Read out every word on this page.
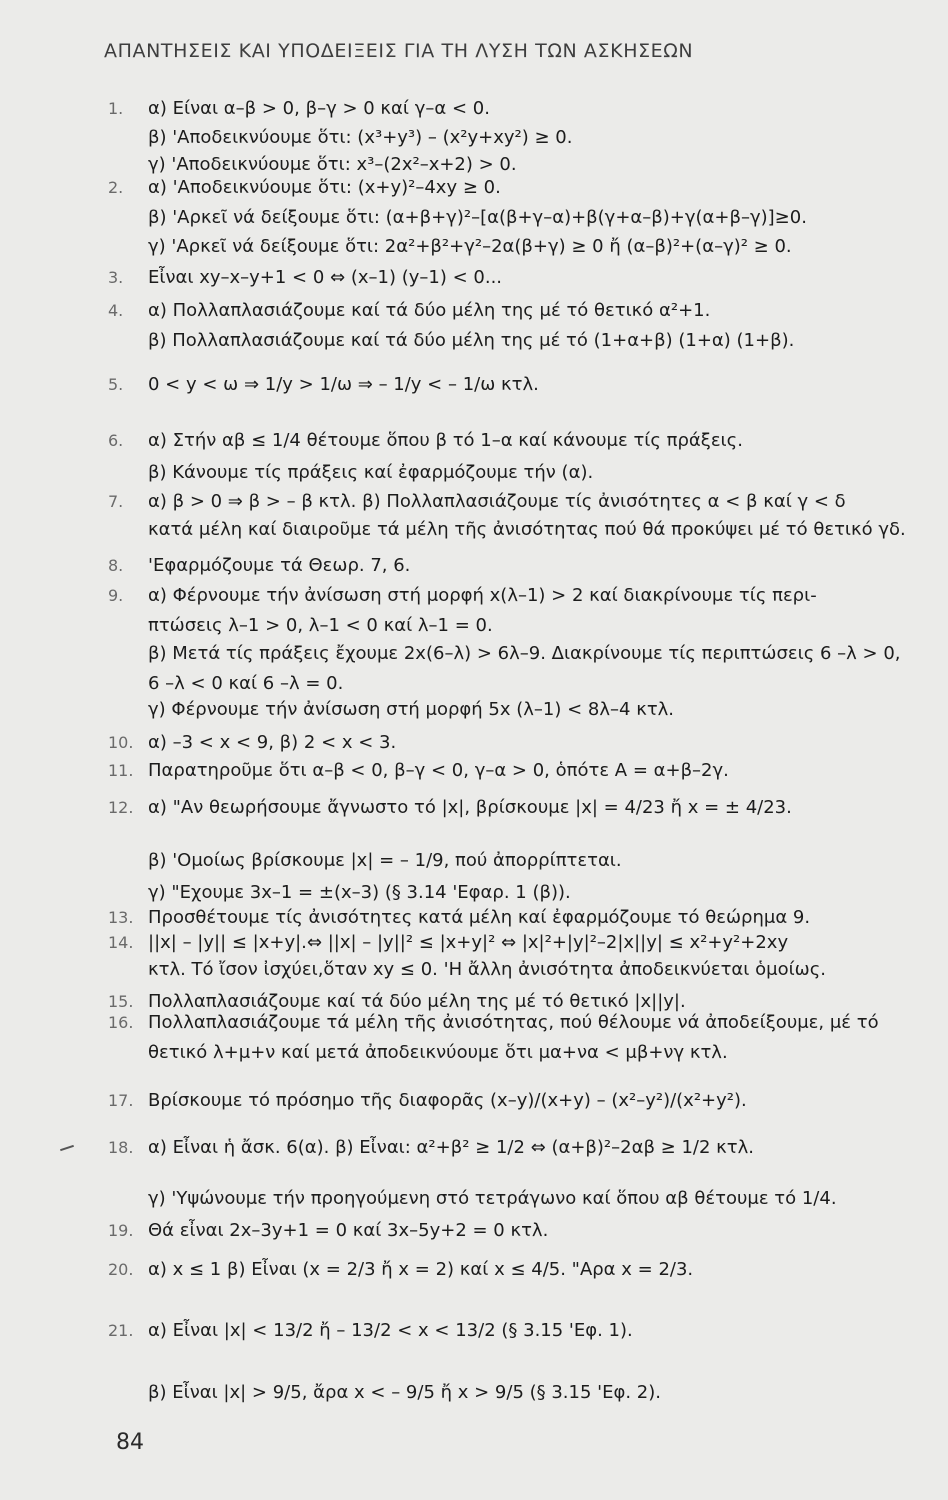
ΑΠΑΝΤΗΣΕΙΣ ΚΑΙ ΥΠΟΔΕΙΞΕΙΣ ΓΙΑ ΤΗ ΛΥΣΗ ΤΩΝ ΑΣΚΗΣΕΩΝ
1. α) Είναι α–β > 0, β–γ > 0 καί γ–α < 0.
β) 'Αποδεικνύουμε ὅτι: (x³+y³) – (x²y+xy²) ≥ 0.
γ) 'Αποδεικνύουμε ὅτι: x³–(2x²–x+2) > 0.
2. α) 'Αποδεικνύουμε ὅτι: (x+y)²–4xy ≥ 0.
β) 'Αρκεῖ νά δείξουμε ὅτι: (α+β+γ)²–[α(β+γ–α)+β(γ+α–β)+γ(α+β–γ)]≥0.
γ) 'Αρκεῖ νά δείξουμε ὅτι: 2α²+β²+γ²–2α(β+γ) ≥ 0 ἤ (α–β)²+(α–γ)² ≥ 0.
3. Εἶναι xy–x–y+1 < 0 ⇔ (x–1) (y–1) < 0...
4. α) Πολλαπλασιάζουμε καί τά δύο μέλη της μέ τό θετικό α²+1.
β) Πολλαπλασιάζουμε καί τά δύο μέλη της μέ τό (1+α+β) (1+α) (1+β).
5. 0 < y < ω ⇒ 1/y > 1/ω ⇒ – 1/y < – 1/ω κτλ.
6. α) Στήν αβ ≤ 1/4 θέτουμε ὅπου β τό 1–α καί κάνουμε τίς πράξεις.
β) Κάνουμε τίς πράξεις καί ἐφαρμόζουμε τήν (α).
7. α) β > 0 ⇒ β > – β κτλ. β) Πολλαπλασιάζουμε τίς ἀνισότητες α < β καί γ < δ
κατά μέλη καί διαιροῦμε τά μέλη τῆς ἀνισότητας πού θά προκύψει μέ τό θετικό γδ.
8. 'Εφαρμόζουμε τά Θεωρ. 7, 6.
9. α) Φέρνουμε τήν ἀνίσωση στή μορφή x(λ–1) > 2 καί διακρίνουμε τίς περι-
πτώσεις λ–1 > 0, λ–1 < 0 καί λ–1 = 0.
β) Μετά τίς πράξεις ἔχουμε 2x(6–λ) > 6λ–9. Διακρίνουμε τίς περιπτώσεις 6 –λ > 0,
6 –λ < 0 καί 6 –λ = 0.
γ) Φέρνουμε τήν ἀνίσωση στή μορφή 5x (λ–1) < 8λ–4 κτλ.
10. α) –3 < x < 9, β) 2 < x < 3.
11. Παρατηροῦμε ὅτι α–β < 0, β–γ < 0, γ–α > 0, ὁπότε Α = α+β–2γ.
12. α) "Αν θεωρήσουμε ἄγνωστο τό |x|, βρίσκουμε |x| = 4/23 ἤ x = ± 4/23.
β) 'Ομοίως βρίσκουμε |x| = – 1/9, πού ἀπορρίπτεται.
γ) "Εχουμε 3x–1 = ±(x–3) (§ 3.14 'Εφαρ. 1 (β)).
13. Προσθέτουμε τίς ἀνισότητες κατά μέλη καί ἐφαρμόζουμε τό θεώρημα 9.
14. ||x| – |y|| ≤ |x+y|.⇔ ||x| – |y||² ≤ |x+y|² ⇔ |x|²+|y|²–2|x||y| ≤ x²+y²+2xy
κτλ. Τό ἴσον ἰσχύει,ὅταν xy ≤ 0. 'Η ἄλλη ἀνισότητα ἀποδεικνύεται ὁμοίως.
15. Πολλαπλασιάζουμε καί τά δύο μέλη της μέ τό θετικό |x||y|.
16. Πολλαπλασιάζουμε τά μέλη τῆς ἀνισότητας, πού θέλουμε νά ἀποδείξουμε, μέ τό
θετικό λ+μ+ν καί μετά ἀποδεικνύουμε ὅτι μα+να < μβ+νγ κτλ.
17. Βρίσκουμε τό πρόσημο τῆς διαφορᾶς (x–y)/(x+y) – (x²–y²)/(x²+y²).
18. α) Εἶναι ἡ ἄσκ. 6(α). β) Εἶναι: α²+β² ≥ 1/2 ⇔ (α+β)²–2αβ ≥ 1/2 κτλ.
γ) 'Υψώνουμε τήν προηγούμενη στό τετράγωνο καί ὅπου αβ θέτουμε τό 1/4.
19. Θά εἶναι 2x–3y+1 = 0 καί 3x–5y+2 = 0 κτλ.
20. α) x ≤ 1 β) Εἶναι (x = 2/3 ἤ x = 2) καί x ≤ 4/5. "Αρα x = 2/3.
21. α) Εἶναι |x| < 13/2 ἤ – 13/2 < x < 13/2 (§ 3.15 'Εφ. 1).
β) Εἶναι |x| > 9/5, ἄρα x < – 9/5 ἤ x > 9/5 (§ 3.15 'Εφ. 2).
84
